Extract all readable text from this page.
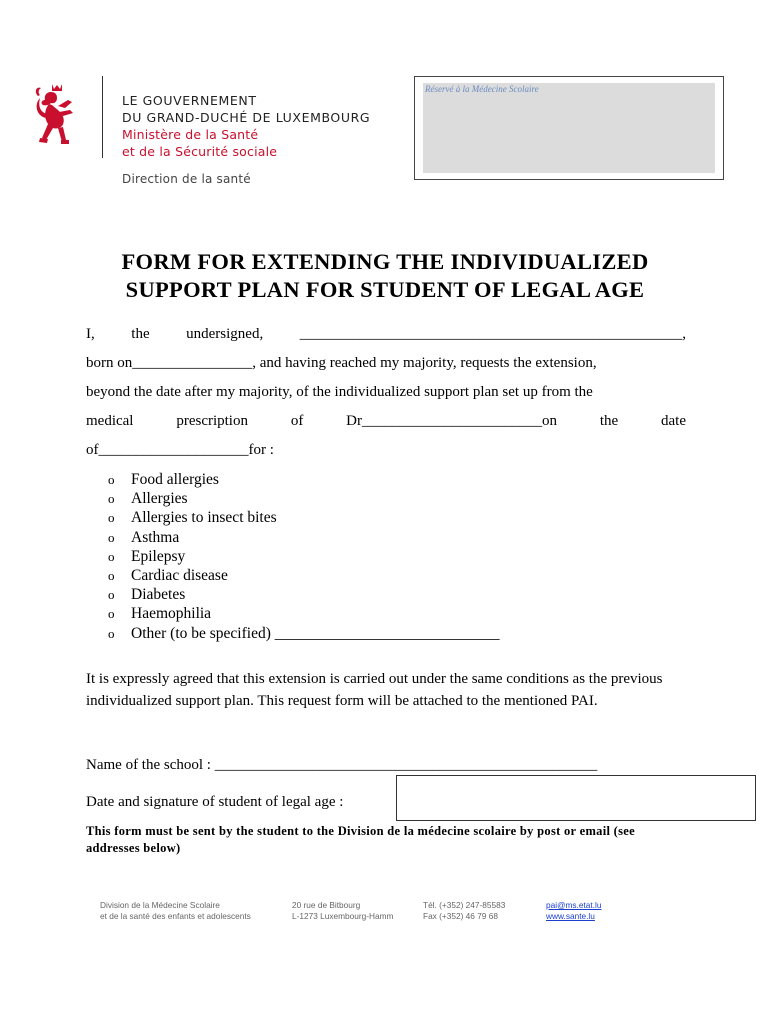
LE GOUVERNEMENT
DU GRAND-DUCHÉ DE LUXEMBOURG
Ministère de la Santé
et de la Sécurité sociale
Direction de la santé
Réservé à la Médecine Scolaire
FORM FOR EXTENDING THE INDIVIDUALIZED
SUPPORT PLAN FOR STUDENT OF LEGAL AGE
I, the undersigned, ___________________________________________________,
born on________________, and having reached my majority, requests the extension,
beyond the date after my majority, of the individualized support plan set up from the
medical	prescription	of	Dr________________________on	the	date
of____________________for :
o	Food allergies
o	Allergies
o	Allergies to insect bites
o	Asthma
o	Epilepsy
o	Cardiac disease
o	Diabetes
o	Haemophilia
o	Other (to be specified) _____________________________
It is expressly agreed that this extension is carried out under the same conditions as the previous individualized support plan. This request form will be attached to the mentioned PAI.
Name of the school : ___________________________________________________
Date and signature of student of legal age :
This form must be sent by the student to the Division de la médecine scolaire by post or email (see addresses below)
Division de la Médecine Scolaire
et de la santé des enfants et adolescents
20 rue de Bitbourg
L-1273 Luxembourg-Hamm
Tél. (+352) 247-85583
Fax (+352) 46 79 68
pai@ms.etat.lu
www.sante.lu
